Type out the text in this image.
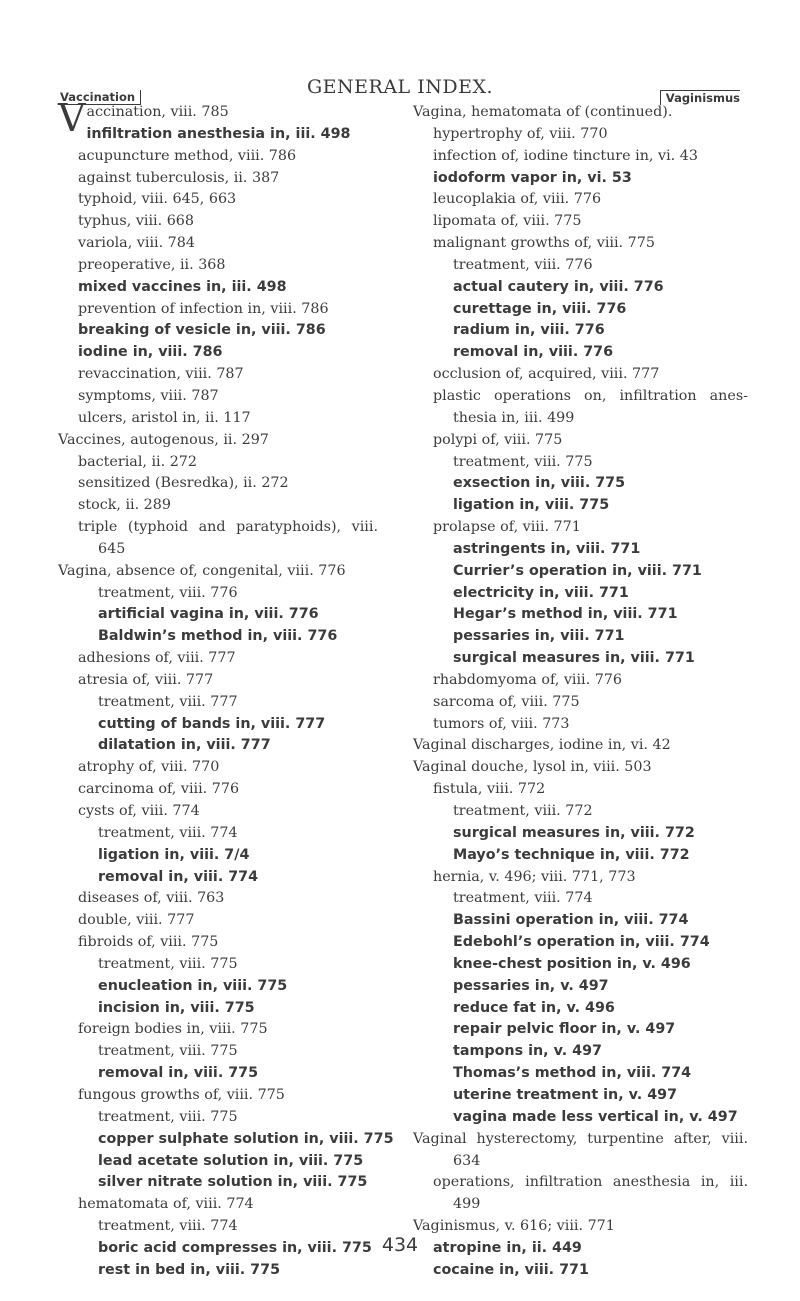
Vaccination	GENERAL INDEX.	Vaginismus
Vaccination, viii. 785
infiltration anesthesia in, iii. 498
acupuncture method, viii. 786
against tuberculosis, ii. 387
typhoid, viii. 645, 663
typhus, viii. 668
variola, viii. 784
preoperative, ii. 368
mixed vaccines in, iii. 498
prevention of infection in, viii. 786
breaking of vesicle in, viii. 786
iodine in, viii. 786
revaccination, viii. 787
symptoms, viii. 787
ulcers, aristol in, ii. 117
Vaccines, autogenous, ii. 297
bacterial, ii. 272
sensitized (Besredka), ii. 272
stock, ii. 289
triple (typhoid and paratyphoids), viii.
645
Vagina, absence of, congenital, viii. 776
treatment, viii. 776
artificial vagina in, viii. 776
Baldwin’s method in, viii. 776
adhesions of, viii. 777
atresia of, viii. 777
treatment, viii. 777
cutting of bands in, viii. 777
dilatation in, viii. 777
atrophy of, viii. 770
carcinoma of, viii. 776
cysts of, viii. 774
treatment, viii. 774
ligation in, viii. 7/4
removal in, viii. 774
diseases of, viii. 763
double, viii. 777
fibroids of, viii. 775
treatment, viii. 775
enucleation in, viii. 775
incision in, viii. 775
foreign bodies in, viii. 775
treatment, viii. 775
removal in, viii. 775
fungous growths of, viii. 775
treatment, viii. 775
copper sulphate solution in, viii. 775
lead acetate solution in, viii. 775
silver nitrate solution in, viii. 775
hematomata of, viii. 774
treatment, viii. 774
boric acid compresses in, viii. 775
rest in bed in, viii. 775
Vagina, hematomata of (continued).
hypertrophy of, viii. 770
infection of, iodine tincture in, vi. 43
iodoform vapor in, vi. 53
leucoplakia of, viii. 776
lipomata of, viii. 775
malignant growths of, viii. 775
treatment, viii. 776
actual cautery in, viii. 776
curettage in, viii. 776
radium in, viii. 776
removal in, viii. 776
occlusion of, acquired, viii. 777
plastic operations on, infiltration anes-
thesia in, iii. 499
polypi of, viii. 775
treatment, viii. 775
exsection in, viii. 775
ligation in, viii. 775
prolapse of, viii. 771
astringents in, viii. 771
Currier’s operation in, viii. 771
electricity in, viii. 771
Hegar’s method in, viii. 771
pessaries in, viii. 771
surgical measures in, viii. 771
rhabdomyoma of, viii. 776
sarcoma of, viii. 775
tumors of, viii. 773
Vaginal discharges, iodine in, vi. 42
Vaginal douche, lysol in, viii. 503
fistula, viii. 772
treatment, viii. 772
surgical measures in, viii. 772
Mayo’s technique in, viii. 772
hernia, v. 496; viii. 771, 773
treatment, viii. 774
Bassini operation in, viii. 774
Edebohl’s operation in, viii. 774
knee-chest position in, v. 496
pessaries in, v. 497
reduce fat in, v. 496
repair pelvic floor in, v. 497
tampons in, v. 497
Thomas’s method in, viii. 774
uterine treatment in, v. 497
vagina made less vertical in, v. 497
Vaginal hysterectomy, turpentine after, viii.
634
operations, infiltration anesthesia in, iii.
499
Vaginismus, v. 616; viii. 771
atropine in, ii. 449
cocaine in, viii. 771
434
